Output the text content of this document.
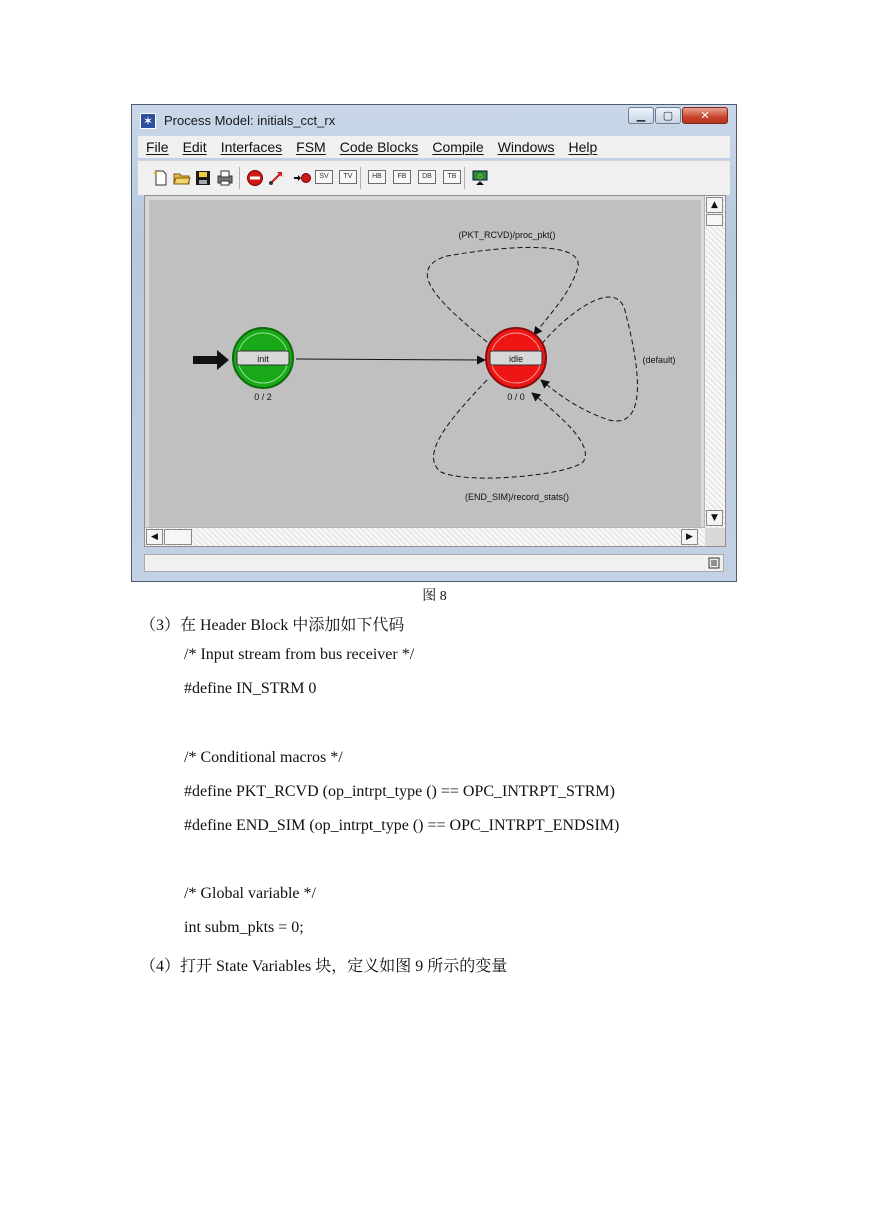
✶ Process Model: initials_cct_rx	▁	▢	✕
File Edit Interfaces FSM Code Blocks Compile Windows Help
SV	TV	HB	FB	DB	TB	○
init
0 / 2
idle
0 / 0
(PKT_RCVD)/proc_pkt()
(default)
(END_SIM)/record_stats()
▲
▼
◀	▶
图 8
（3）在 Header Block 中添加如下代码
/* Input stream from bus receiver */
#define IN_STRM 0
/* Conditional macros */
#define PKT_RCVD (op_intrpt_type () == OPC_INTRPT_STRM)
#define END_SIM (op_intrpt_type () == OPC_INTRPT_ENDSIM)
/* Global variable */
int subm_pkts = 0;
（4）打开 State Variables 块，定义如图 9 所示的变量
